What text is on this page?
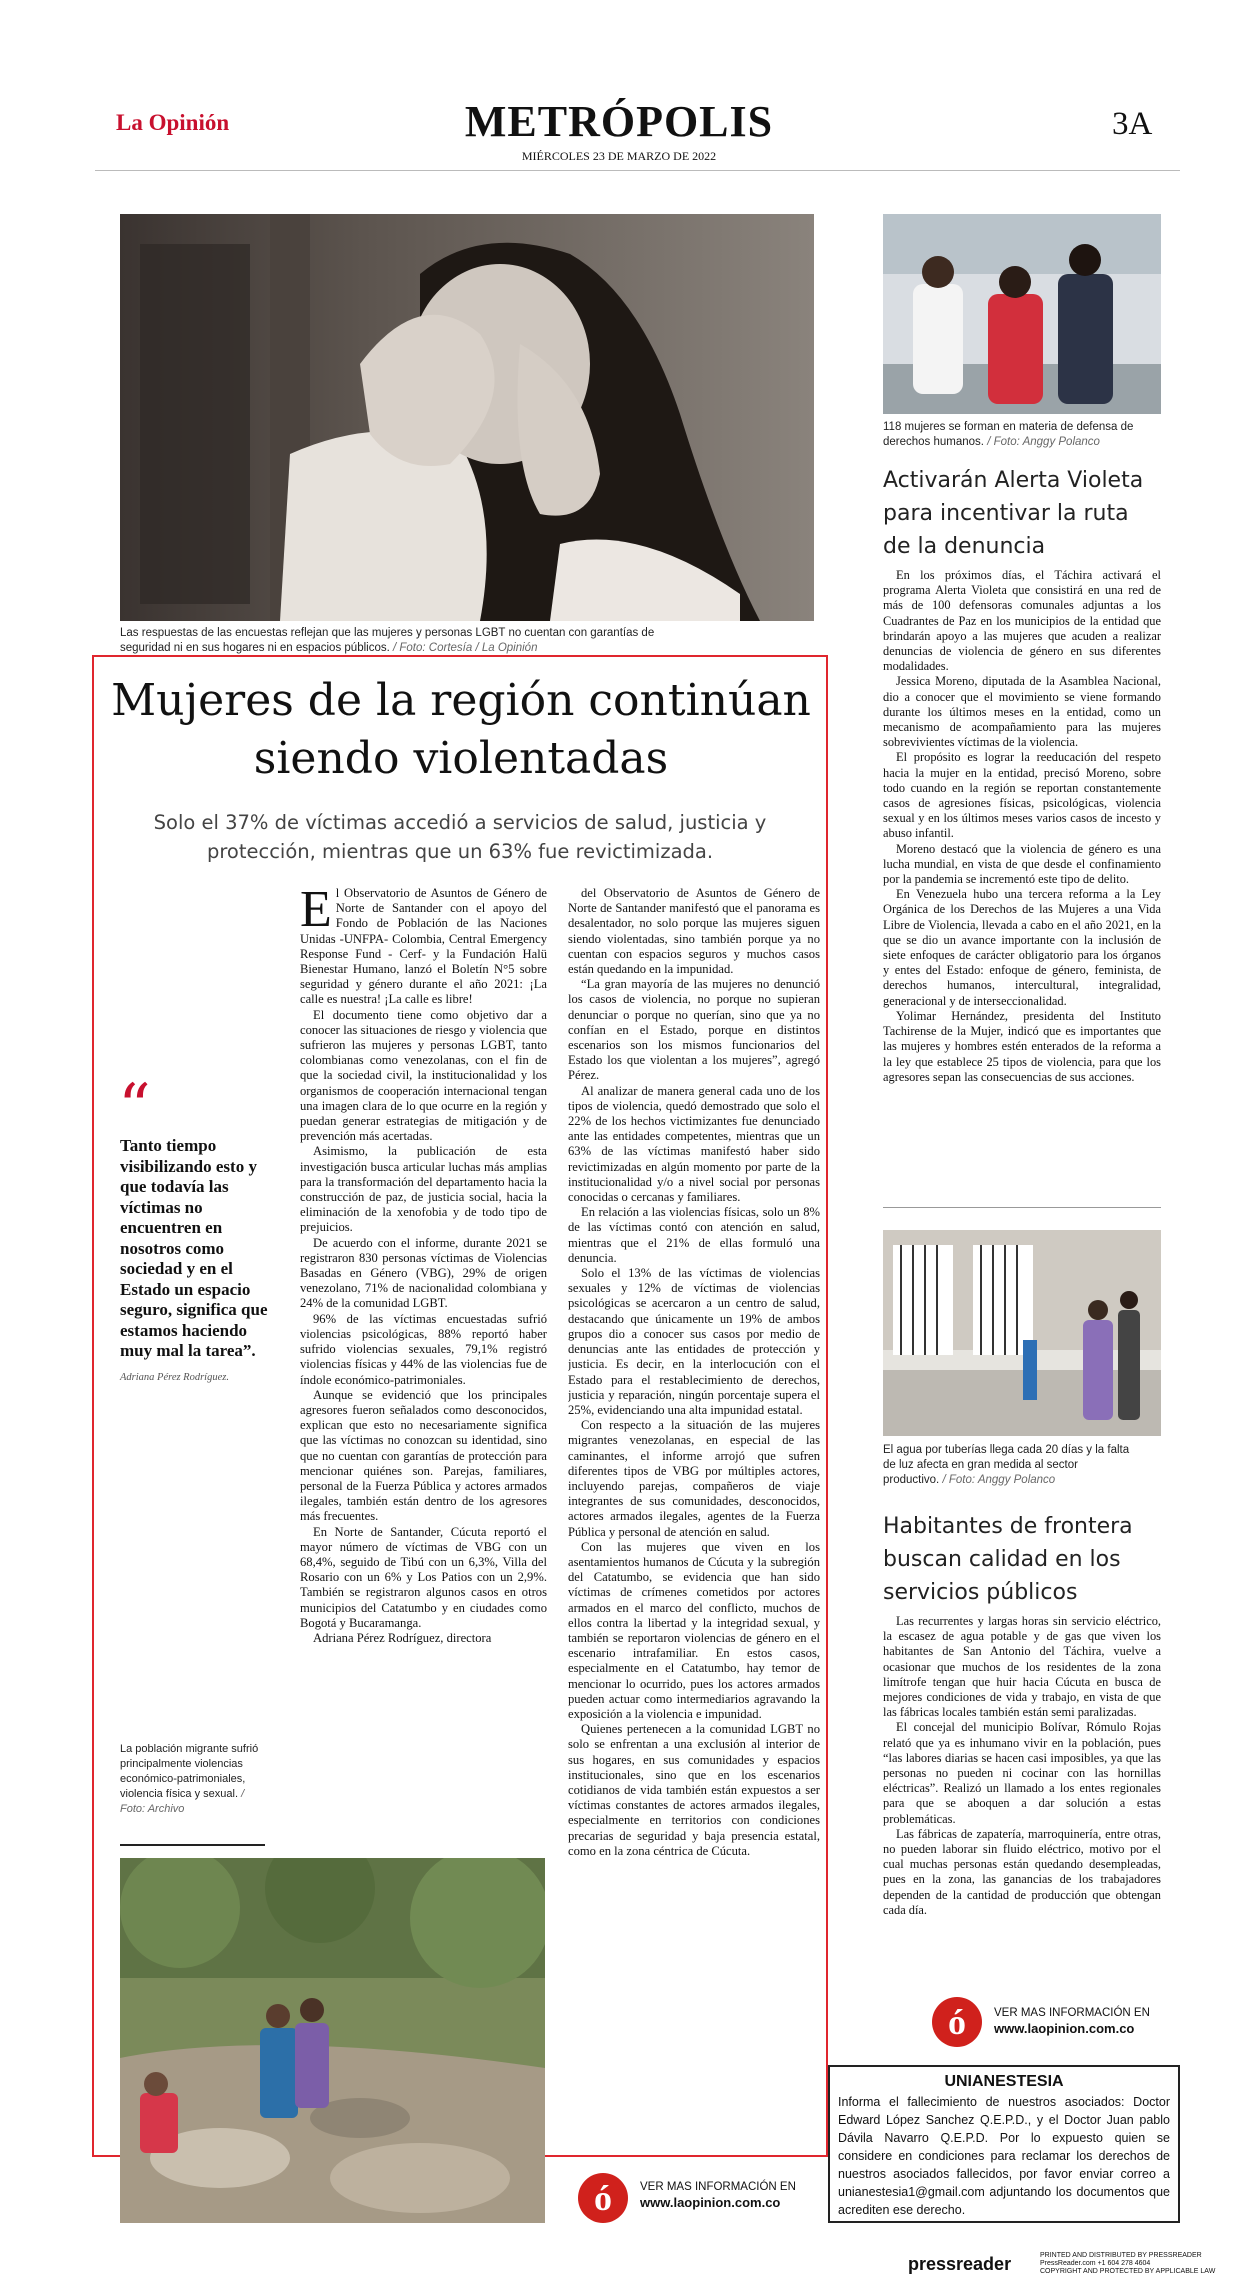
La Opinión	METRÓPOLIS	3A
MIÉRCOLES 23 DE MARZO DE 2022
Las respuestas de las encuestas reflejan que las mujeres y personas LGBT no cuentan con garantías de seguridad ni en sus hogares ni en espacios públicos. / Foto: Cortesía / La Opinión
Mujeres de la región continúan siendo violentadas
Solo el 37% de víctimas accedió a servicios de salud, justicia y protección, mientras que un 63% fue revictimizada.
“
Tanto tiempo visibilizando esto y que todavía las víctimas no encuentren en nosotros como sociedad y en el Estado un espacio seguro, significa que estamos haciendo muy mal la tarea”.
Adriana Pérez Rodríguez.
La población migrante sufrió principalmente violencias económico-patrimoniales, violencia física y sexual. / Foto: Archivo

El Observatorio de Asuntos de Género de Norte de Santander con el apoyo del Fondo de Población de las Naciones Unidas -UNFPA- Colombia, Central Emergency Response Fund - Cerf- y la Fundación Halü Bienestar Humano, lanzó el Boletín N°5 sobre seguridad y género durante el año 2021: ¡La calle es nuestra! ¡La calle es libre!

El documento tiene como objetivo dar a conocer las situaciones de riesgo y violencia que sufrieron las mujeres y personas LGBT, tanto colombianas como venezolanas, con el fin de que la sociedad civil, la institucionalidad y los organismos de cooperación internacional tengan una imagen clara de lo que ocurre en la región y puedan generar estrategias de mitigación y de prevención más acertadas.

Asimismo, la publicación de esta investigación busca articular luchas más amplias para la transformación del departamento hacia la construcción de paz, de justicia social, hacia la eliminación de la xenofobia y de todo tipo de prejuicios.

De acuerdo con el informe, durante 2021 se registraron 830 personas víctimas de Violencias Basadas en Género (VBG), 29% de origen venezolano, 71% de nacionalidad colombiana y 24% de la comunidad LGBT.

96% de las víctimas encuestadas sufrió violencias psicológicas, 88% reportó haber sufrido violencias sexuales, 79,1% registró violencias físicas y 44% de las violencias fue de índole económico-patrimoniales.

Aunque se evidenció que los principales agresores fueron señalados como desconocidos, explican que esto no necesariamente significa que las víctimas no conozcan su identidad, sino que no cuentan con garantías de protección para mencionar quiénes son. Parejas, familiares, personal de la Fuerza Pública y actores armados ilegales, también están dentro de los agresores más frecuentes.

En Norte de Santander, Cúcuta reportó el mayor número de víctimas de VBG con un 68,4%, seguido de Tibú con un 6,3%, Villa del Rosario con un 6% y Los Patios con un 2,9%. También se registraron algunos casos en otros municipios del Catatumbo y en ciudades como Bogotá y Bucaramanga.

Adriana Pérez Rodríguez, directora

del Observatorio de Asuntos de Género de Norte de Santander manifestó que el panorama es desalentador, no solo porque las mujeres siguen siendo violentadas, sino también porque ya no cuentan con espacios seguros y muchos casos están quedando en la impunidad.

“La gran mayoría de las mujeres no denunció los casos de violencia, no porque no supieran denunciar o porque no querían, sino que ya no confían en el Estado, porque en distintos escenarios son los mismos funcionarios del Estado los que violentan a los mujeres”, agregó Pérez.

Al analizar de manera general cada uno de los tipos de violencia, quedó demostrado que solo el 22% de los hechos victimizantes fue denunciado ante las entidades competentes, mientras que un 63% de las víctimas manifestó haber sido revictimizadas en algún momento por parte de la institucionalidad y/o a nivel social por personas conocidas o cercanas y familiares.

En relación a las violencias físicas, solo un 8% de las víctimas contó con atención en salud, mientras que el 21% de ellas formuló una denuncia.

Solo el 13% de las víctimas de violencias sexuales y 12% de víctimas de violencias psicológicas se acercaron a un centro de salud, destacando que únicamente un 19% de ambos grupos dio a conocer sus casos por medio de denuncias ante las entidades de protección y justicia. Es decir, en la interlocución con el Estado para el restablecimiento de derechos, justicia y reparación, ningún porcentaje supera el 25%, evidenciando una alta impunidad estatal.

Con respecto a la situación de las mujeres migrantes venezolanas, en especial de las caminantes, el informe arrojó que sufren diferentes tipos de VBG por múltiples actores, incluyendo parejas, compañeros de viaje integrantes de sus comunidades, desconocidos, actores armados ilegales, agentes de la Fuerza Pública y personal de atención en salud.

Con las mujeres que viven en los asentamientos humanos de Cúcuta y la subregión del Catatumbo, se evidencia que han sido víctimas de crímenes cometidos por actores armados en el marco del conflicto, muchos de ellos contra la libertad y la integridad sexual, y también se reportaron violencias de género en el escenario intrafamiliar. En estos casos, especialmente en el Catatumbo, hay temor de mencionar lo ocurrido, pues los actores armados pueden actuar como intermediarios agravando la exposición a la violencia e impunidad.

Quienes pertenecen a la comunidad LGBT no solo se enfrentan a una exclusión al interior de sus hogares, en sus comunidades y espacios institucionales, sino que en los escenarios cotidianos de vida también están expuestos a ser víctimas constantes de actores armados ilegales, especialmente en territorios con condiciones precarias de seguridad y baja presencia estatal, como en la zona céntrica de Cúcuta.

ó	VER MAS INFORMACIÓN EN
www.laopinion.com.co
118 mujeres se forman en materia de defensa de derechos humanos. / Foto: Anggy Polanco
Activarán Alerta Violeta para incentivar la ruta de la denuncia

En los próximos días, el Táchira activará el programa Alerta Violeta que consistirá en una red de más de 100 defensoras comunales adjuntas a los Cuadrantes de Paz en los municipios de la entidad que brindarán apoyo a las mujeres que acuden a realizar denuncias de violencia de género en sus diferentes modalidades.

Jessica Moreno, diputada de la Asamblea Nacional, dio a conocer que el movimiento se viene formando durante los últimos meses en la entidad, como un mecanismo de acompañamiento para las mujeres sobrevivientes víctimas de la violencia.

El propósito es lograr la reeducación del respeto hacia la mujer en la entidad, precisó Moreno, sobre todo cuando en la región se reportan constantemente casos de agresiones físicas, psicológicas, violencia sexual y en los últimos meses varios casos de incesto y abuso infantil.

Moreno destacó que la violencia de género es una lucha mundial, en vista de que desde el confinamiento por la pandemia se incrementó este tipo de delito.

En Venezuela hubo una tercera reforma a la Ley Orgánica de los Derechos de las Mujeres a una Vida Libre de Violencia, llevada a cabo en el año 2021, en la que se dio un avance importante con la inclusión de siete enfoques de carácter obligatorio para los órganos y entes del Estado: enfoque de género, feminista, de derechos humanos, intercultural, integralidad, generacional y de interseccionalidad.

Yolimar Hernández, presidenta del Instituto Tachirense de la Mujer, indicó que es importantes que las mujeres y hombres estén enterados de la reforma a la ley que establece 25 tipos de violencia, para que los agresores sepan las consecuencias de sus acciones.

El agua por tuberías llega cada 20 días y la falta de luz afecta en gran medida al sector productivo. / Foto: Anggy Polanco
Habitantes de frontera buscan calidad en los servicios públicos

Las recurrentes y largas horas sin servicio eléctrico, la escasez de agua potable y de gas que viven los habitantes de San Antonio del Táchira, vuelve a ocasionar que muchos de los residentes de la zona limítrofe tengan que huir hacia Cúcuta en busca de mejores condiciones de vida y trabajo, en vista de que las fábricas locales también están semi paralizadas.

El concejal del municipio Bolívar, Rómulo Rojas relató que ya es inhumano vivir en la población, pues “las labores diarias se hacen casi imposibles, ya que las personas no pueden ni cocinar con las hornillas eléctricas”. Realizó un llamado a los entes regionales para que se aboquen a dar solución a estas problemáticas.

Las fábricas de zapatería, marroquinería, entre otras, no pueden laborar sin fluido eléctrico, motivo por el cual muchas personas están quedando desempleadas, pues en la zona, las ganancias de los trabajadores dependen de la cantidad de producción que obtengan cada día.

ó	VER MAS INFORMACIÓN EN
www.laopinion.com.co
UNIANESTESIA
Informa el fallecimiento de nuestros asociados: Doctor Edward López Sanchez Q.E.P.D., y el Doctor Juan pablo Dávila Navarro Q.E.P.D. Por lo expuesto quien se considere en condiciones para reclamar los derechos de nuestros asociados fallecidos, por favor enviar correo a unianestesia1@gmail.com adjuntando los documentos que acrediten ese derecho.
pressreader	PRINTED AND DISTRIBUTED BY PRESSREADER
PressReader.com +1 604 278 4604
COPYRIGHT AND PROTECTED BY APPLICABLE LAW
